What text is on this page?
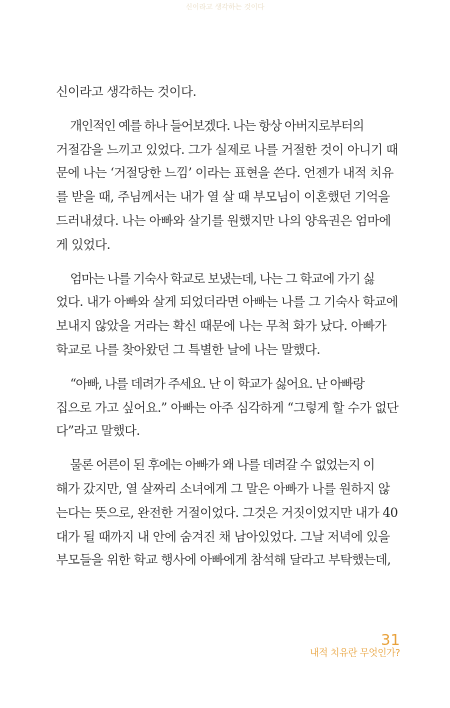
신이라고 생각하는 것이다
신이라고 생각하는 것이다.
개인적인 예를 하나 들어보겠다. 나는 항상 아버지로부터의
거절감을 느끼고 있었다. 그가 실제로 나를 거절한 것이 아니기 때
문에 나는 ‘거절당한 느낌’ 이라는 표현을 쓴다. 언젠가 내적 치유
를 받을 때, 주님께서는 내가 열 살 때 부모님이 이혼했던 기억을
드러내셨다. 나는 아빠와 살기를 원했지만 나의 양육권은 엄마에
게 있었다.
엄마는 나를 기숙사 학교로 보냈는데, 나는 그 학교에 가기 싫
었다. 내가 아빠와 살게 되었더라면 아빠는 나를 그 기숙사 학교에
보내지 않았을 거라는 확신 때문에 나는 무척 화가 났다. 아빠가
학교로 나를 찾아왔던 그 특별한 날에 나는 말했다.
“아빠, 나를 데려가 주세요. 난 이 학교가 싫어요. 난 아빠랑
집으로 가고 싶어요.” 아빠는 아주 심각하게 “그렇게 할 수가 없단
다”라고 말했다.
물론 어른이 된 후에는 아빠가 왜 나를 데려갈 수 없었는지 이
해가 갔지만, 열 살짜리 소녀에게 그 말은 아빠가 나를 원하지 않
는다는 뜻으로, 완전한 거절이었다. 그것은 거짓이었지만 내가 40
대가 될 때까지 내 안에 숨겨진 채 남아있었다. 그날 저녁에 있을
부모들을 위한 학교 행사에 아빠에게 참석해 달라고 부탁했는데,
31
내적 치유란 무엇인가?
